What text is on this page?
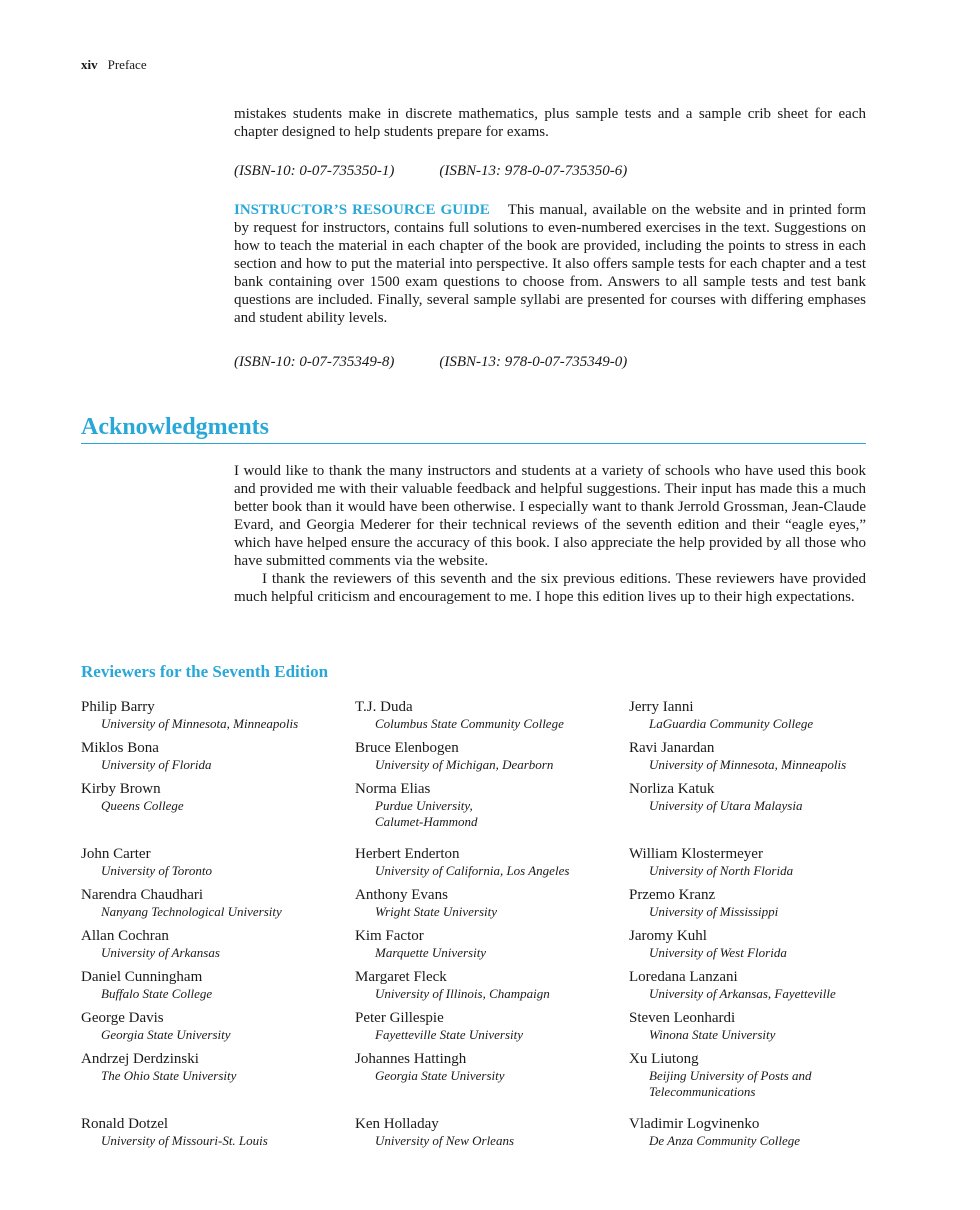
xiv Preface

mistakes students make in discrete mathematics, plus sample tests and a sample crib sheet for each chapter designed to help students prepare for exams.

(ISBN-10: 0-07-735350-1)	(ISBN-13: 978-0-07-735350-6)

INSTRUCTOR’S RESOURCE GUIDE This manual, available on the website and in printed form by request for instructors, contains full solutions to even-numbered exercises in the text. Suggestions on how to teach the material in each chapter of the book are provided, including the points to stress in each section and how to put the material into perspective. It also offers sample tests for each chapter and a test bank containing over 1500 exam questions to choose from. Answers to all sample tests and test bank questions are included. Finally, several sample syllabi are presented for courses with differing emphases and student ability levels.

(ISBN-10: 0-07-735349-8)	(ISBN-13: 978-0-07-735349-0)
Acknowledgments

I would like to thank the many instructors and students at a variety of schools who have used this book and provided me with their valuable feedback and helpful suggestions. Their input has made this a much better book than it would have been otherwise. I especially want to thank Jerrold Grossman, Jean-Claude Evard, and Georgia Mederer for their technical reviews of the seventh edition and their “eagle eyes,” which have helped ensure the accuracy of this book. I also appreciate the help provided by all those who have submitted comments via the website.

I thank the reviewers of this seventh and the six previous editions. These reviewers have provided much helpful criticism and encouragement to me. I hope this edition lives up to their high expectations.

Reviewers for the Seventh Edition
Philip Barry
University of Minnesota, Minneapolis
Miklos Bona
University of Florida
Kirby Brown
Queens College
John Carter
University of Toronto
Narendra Chaudhari
Nanyang Technological University
Allan Cochran
University of Arkansas
Daniel Cunningham
Buffalo State College
George Davis
Georgia State University
Andrzej Derdzinski
The Ohio State University
Ronald Dotzel
University of Missouri-St. Louis
T.J. Duda
Columbus State Community College
Bruce Elenbogen
University of Michigan, Dearborn
Norma Elias
Purdue University,
Calumet-Hammond
Herbert Enderton
University of California, Los Angeles
Anthony Evans
Wright State University
Kim Factor
Marquette University
Margaret Fleck
University of Illinois, Champaign
Peter Gillespie
Fayetteville State University
Johannes Hattingh
Georgia State University
Ken Holladay
University of New Orleans
Jerry Ianni
LaGuardia Community College
Ravi Janardan
University of Minnesota, Minneapolis
Norliza Katuk
University of Utara Malaysia
William Klostermeyer
University of North Florida
Przemo Kranz
University of Mississippi
Jaromy Kuhl
University of West Florida
Loredana Lanzani
University of Arkansas, Fayetteville
Steven Leonhardi
Winona State University
Xu Liutong
Beijing University of Posts and
Telecommunications
Vladimir Logvinenko
De Anza Community College
